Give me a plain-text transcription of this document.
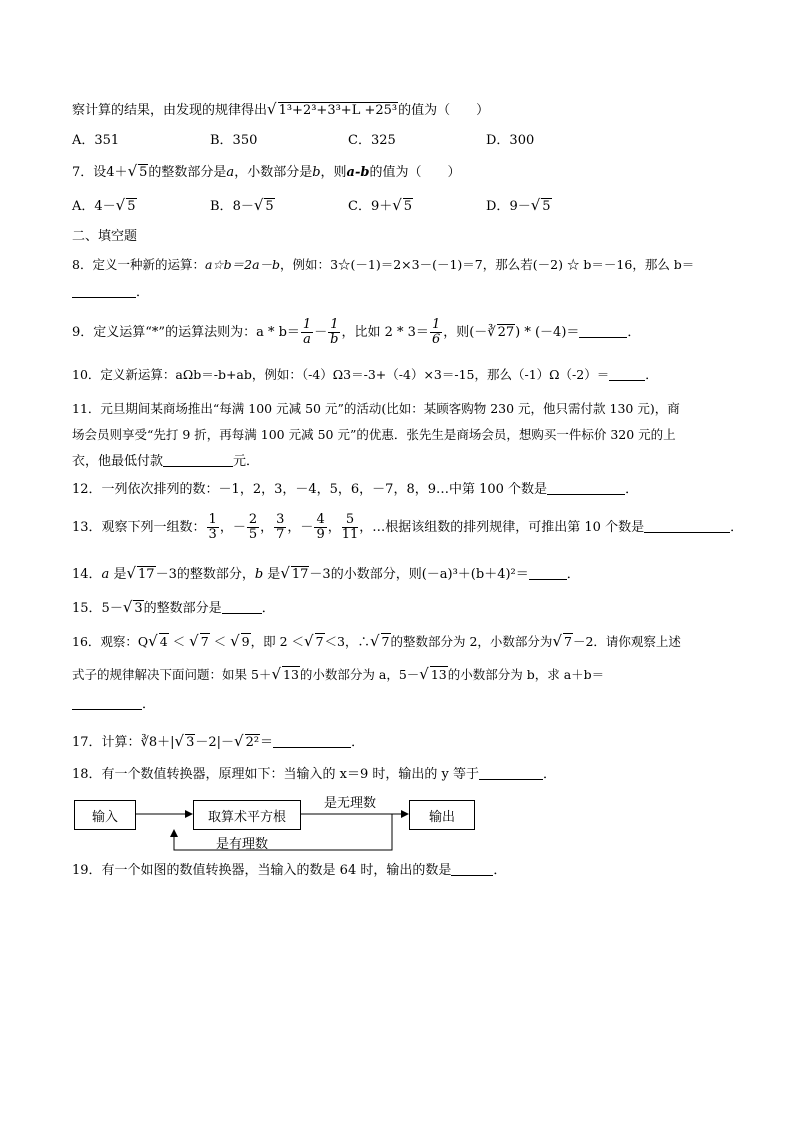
察计算的结果，由发现的规律得出√ 1³+2³+3³+L +25³的值为（　　）
A．351	B．350	C．325	D．300
7．设4＋√ 5的整数部分是a，小数部分是b，则a-b的值为（　　）
A．4－√ 5	B．8－√ 5	C．9＋√ 5	D．9－√ 5
二、填空题
8．定义一种新的运算：a☆b＝2a－b，例如：3☆(－1)＝2×3－(－1)＝7，那么若(－2) ☆ b＝－16，那么 b＝
．
9．定义运算“*”的运算法则为：$a * b= \frac{1}{a} - \frac{1}{b}$ ，比如 $2 * 3= \frac{1}{6}$ ，则(－∛ 27) * (－4)＝	．
10．定义新运算：aΩb＝-b+ab，例如：（-4）Ω3＝-3+（-4）×3＝-15，那么（-1）Ω（-2）＝	．
11．元旦期间某商场推出“每满 100 元减 50 元”的活动(比如：某顾客购物 230 元，他只需付款 130 元)，商
场会员则享受“先打 9 折，再每满 100 元减 50 元”的优惠．张先生是商场会员，想购买一件标价 320 元的上
衣，他最低付款	元．
12．一列依次排列的数：－1，2，3，－4，5，6，－7，8，9…中第 100 个数是	．
13．观察下列一组数： $\frac{1}{3}$ ，－ $\frac{2}{5}$ ， $\frac{3}{7}$ ，－ $\frac{4}{9}$ ， $\frac{5}{11}$ ，…根据该组数的排列规律，可推出第 10 个数是	．
14．a 是√ 17－3的整数部分，b 是√ 17－3的小数部分，则(－a)³＋(b＋4)²＝	．
15．5－√ 3的整数部分是	．
16．观察：Q√ 4 ＜ √ 7 ＜ √ 9，即 2 ＜√ 7＜3，∴√ 7的整数部分为 2，小数部分为√ 7－2．请你观察上述
式子的规律解决下面问题：如果 5＋√ 13的小数部分为 a，5－√ 13的小数部分为 b，求 a＋b＝
．
17．计算：∛8＋|√ 3－2|－√ 2²＝	．
18．有一个数值转换器，原理如下：当输入的 x＝9 时，输出的 y 等于	．
输入	取算术平方根	输出
是无理数
是有理数
19．有一个如图的数值转换器，当输入的数是 64 时，输出的数是	．
